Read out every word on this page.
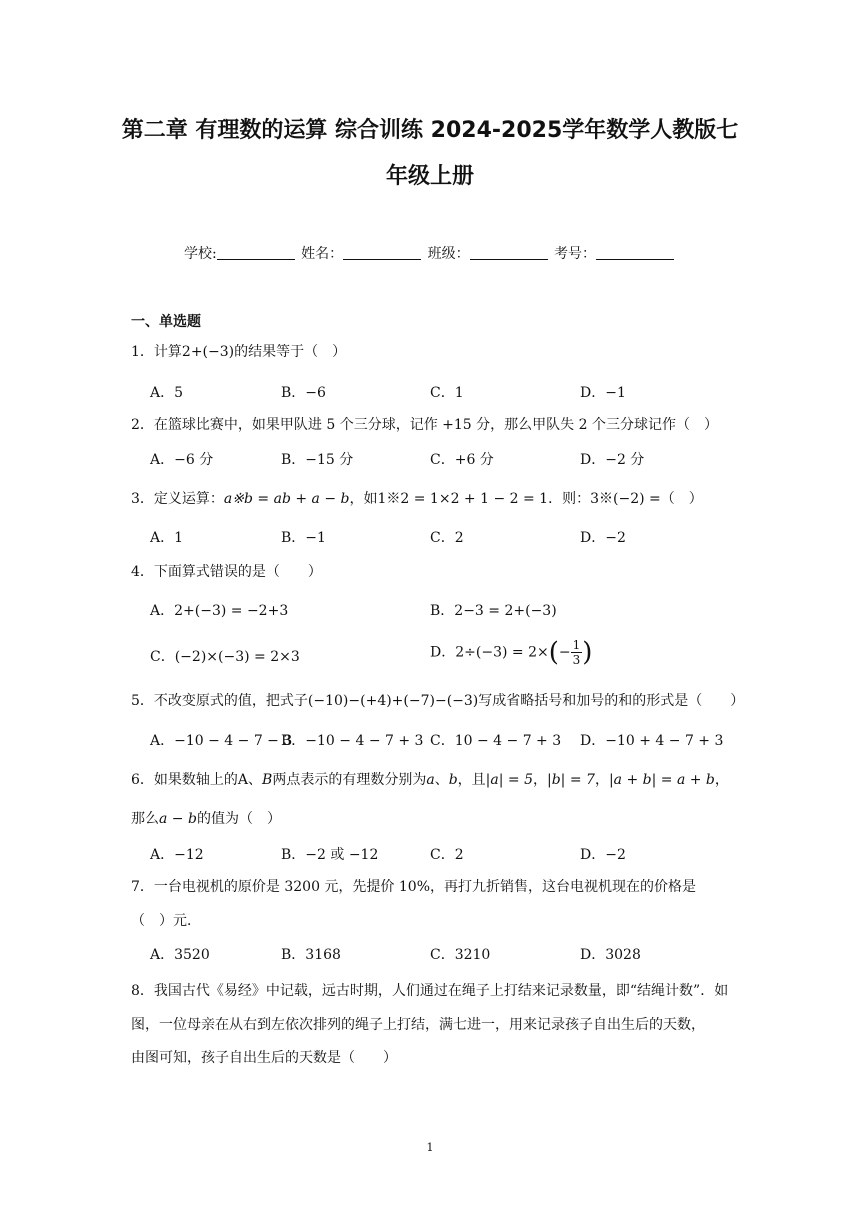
第二章 有理数的运算 综合训练 2024-2025学年数学人教版七
年级上册
学校:	姓名：	班级：	考号：
一、单选题
1．计算2+(−3)的结果等于（　）
A．5	B．−6	C．1	D．−1
2．在篮球比赛中，如果甲队进 5 个三分球，记作 +15 分，那么甲队失 2 个三分球记作（　）
A．−6 分	B．−15 分	C．+6 分	D．−2 分
3．定义运算：a※b = ab + a − b，如1※2 = 1×2 + 1 − 2 = 1．则：3※(−2) =（　）
A．1	B．−1	C．2	D．−2
4．下面算式错误的是（　　）
A．2+(−3) = −2+3	B．2−3 = 2+(−3)
C．(−2)×(−3) = 2×3	D．$2\div(-3) = 2\times(- \frac{1}{3}$ )
5．不改变原式的值，把式子(−10)−(+4)+(−7)−(−3)写成省略括号和加号的和的形式是（　　）
A．−10 − 4 − 7 − 3
B．−10 − 4 − 7 + 3 C．10 − 4 − 7 + 3 D．−10 + 4 − 7 + 3
6．如果数轴上的A、B两点表示的有理数分别为a、b，且|a| = 5，|b| = 7，|a + b| = a + b，
那么a − b的值为（　）
A．−12	B．−2 或 −12	C．2	D．−2
7．一台电视机的原价是 3200 元，先提价 10%，再打九折销售，这台电视机现在的价格是
（　）元．
A．3520	B．3168	C．3210	D．3028
8．我国古代《易经》中记载，远古时期，人们通过在绳子上打结来记录数量，即“结绳计数”．如
图，一位母亲在从右到左依次排列的绳子上打结，满七进一，用来记录孩子自出生后的天数，
由图可知，孩子自出生后的天数是（　　）
1
